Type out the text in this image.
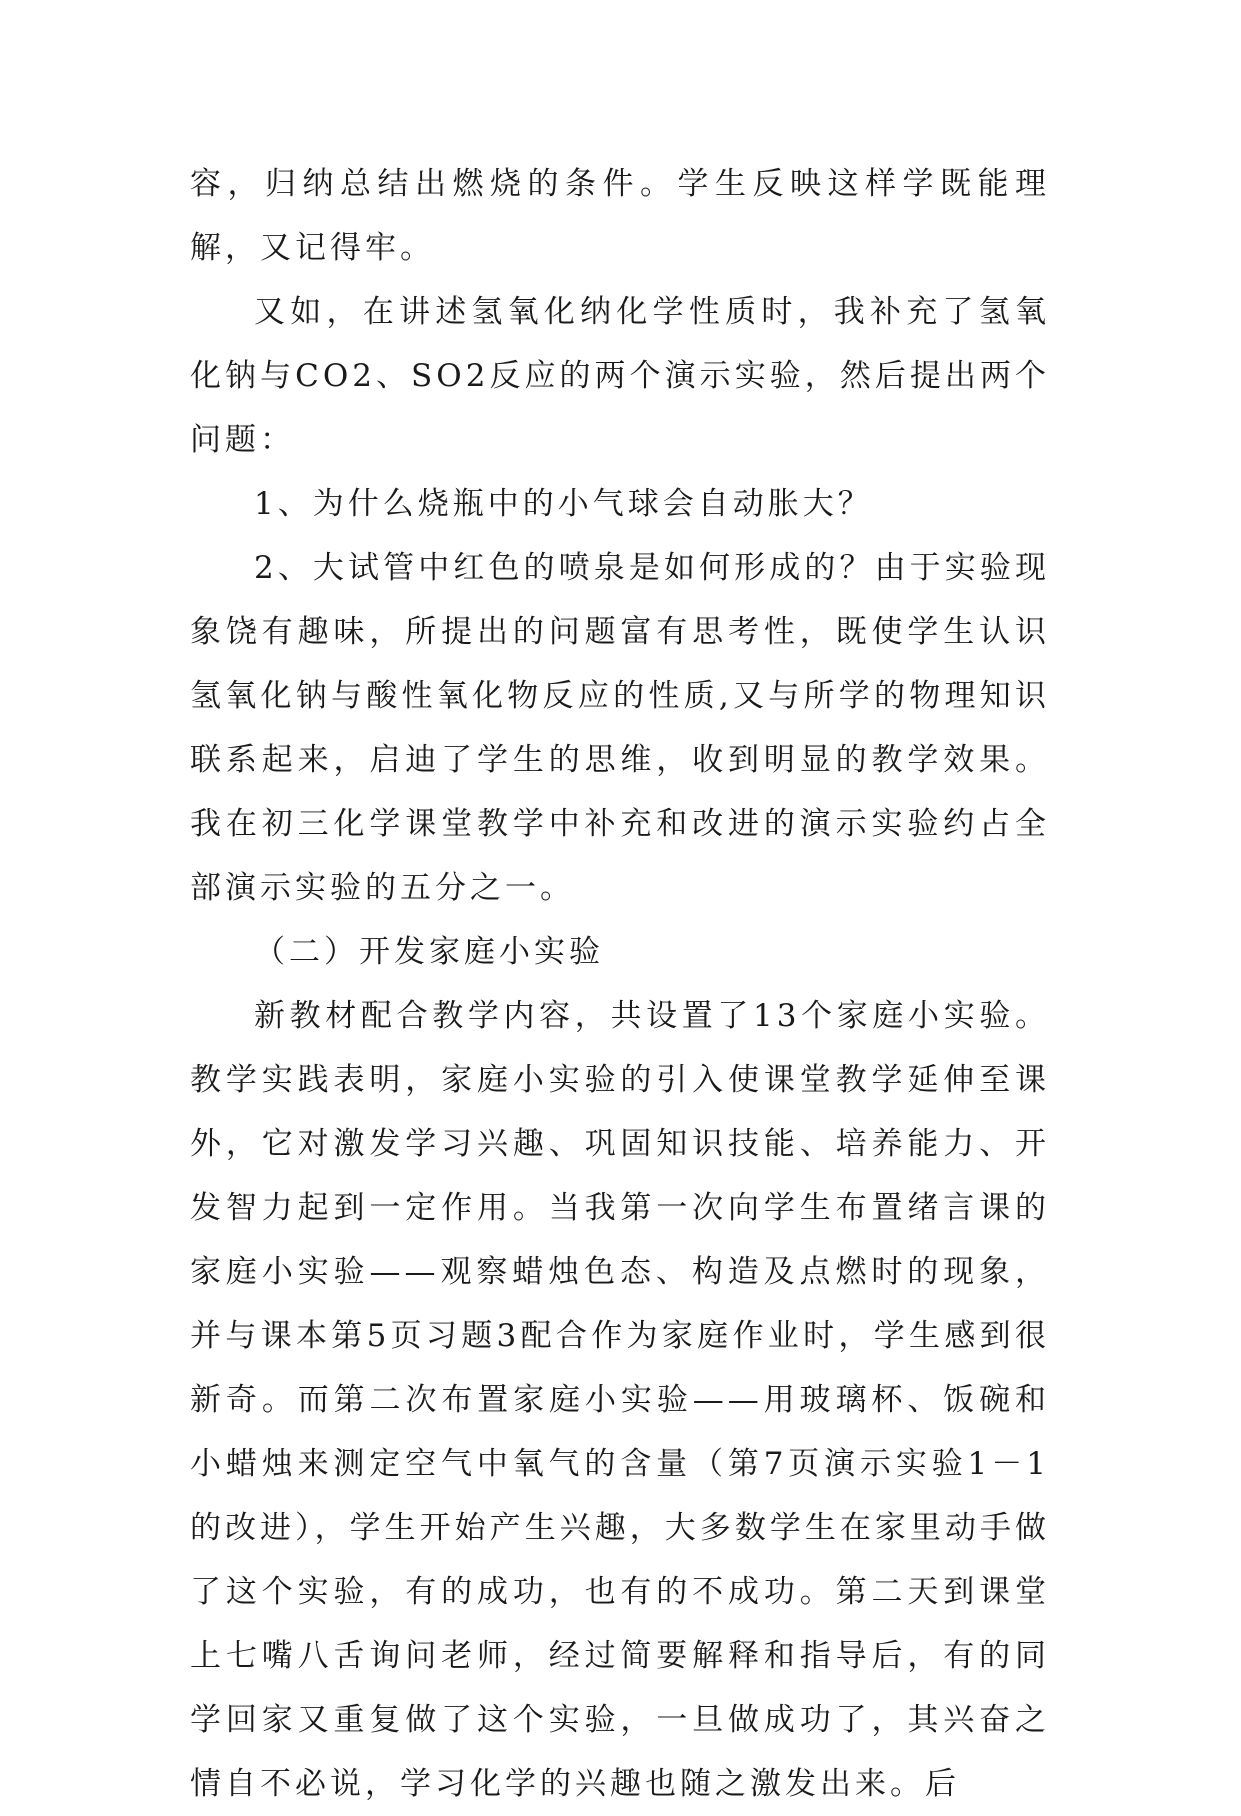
容，归纳总结出燃烧的条件。学生反映这样学既能理解，又记得牢。

又如，在讲述氢氧化纳化学性质时，我补充了氢氧化钠与CO2、SO2反应的两个演示实验，然后提出两个问题：

1、为什么烧瓶中的小气球会自动胀大？

2、大试管中红色的喷泉是如何形成的？由于实验现象饶有趣味，所提出的问题富有思考性，既使学生认识氢氧化钠与酸性氧化物反应的性质,又与所学的物理知识联系起来，启迪了学生的思维，收到明显的教学效果。我在初三化学课堂教学中补充和改进的演示实验约占全部演示实验的五分之一。

（二）开发家庭小实验

新教材配合教学内容，共设置了13个家庭小实验。教学实践表明，家庭小实验的引入使课堂教学延伸至课外，它对激发学习兴趣、巩固知识技能、培养能力、开发智力起到一定作用。当我第一次向学生布置绪言课的家庭小实验——观察蜡烛色态、构造及点燃时的现象，并与课本第5页习题3配合作为家庭作业时，学生感到很新奇。而第二次布置家庭小实验——用玻璃杯、饭碗和小蜡烛来测定空气中氧气的含量（第7页演示实验1－1的改进），学生开始产生兴趣，大多数学生在家里动手做了这个实验，有的成功，也有的不成功。第二天到课堂上七嘴八舌询问老师，经过简要解释和指导后，有的同学回家又重复做了这个实验，一旦做成功了，其兴奋之情自不必说，学习化学的兴趣也随之激发出来。后
